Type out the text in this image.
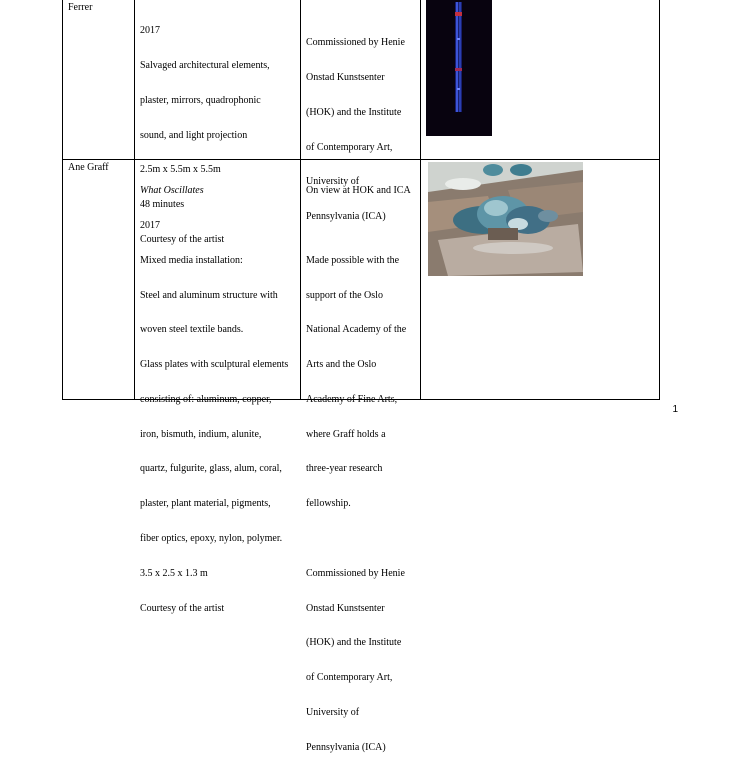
Ferrer

2017

Salvaged architectural elements,

plaster, mirrors, quadrophonic

sound, and light projection

2.5m x 5.5m x 5.5m

48 minutes

Courtesy of the artist

Commissioned by Henie

Onstad Kunstsenter

(HOK) and the Institute

of Contemporary Art,

University of

Pennsylvania (ICA)

Ane Graff

What Oscillates

2017

Mixed media installation:

Steel and aluminum structure with

woven steel textile bands.

Glass plates with sculptural elements

consisting of: aluminum, copper,

iron, bismuth, indium, alunite,

quartz, fulgurite, glass, alum, coral,

plaster, plant material, pigments,

fiber optics, epoxy, nylon, polymer.

3.5 x 2.5 x 1.3 m

Courtesy of the artist

On view at HOK and ICA

Made possible with the

support of the Oslo

National Academy of the

Arts and the Oslo

Academy of Fine Arts,

where Graff holds a

three-year research

fellowship.

Commissioned by Henie

Onstad Kunstsenter

(HOK) and the Institute

of Contemporary Art,

University of

Pennsylvania (ICA)

1
